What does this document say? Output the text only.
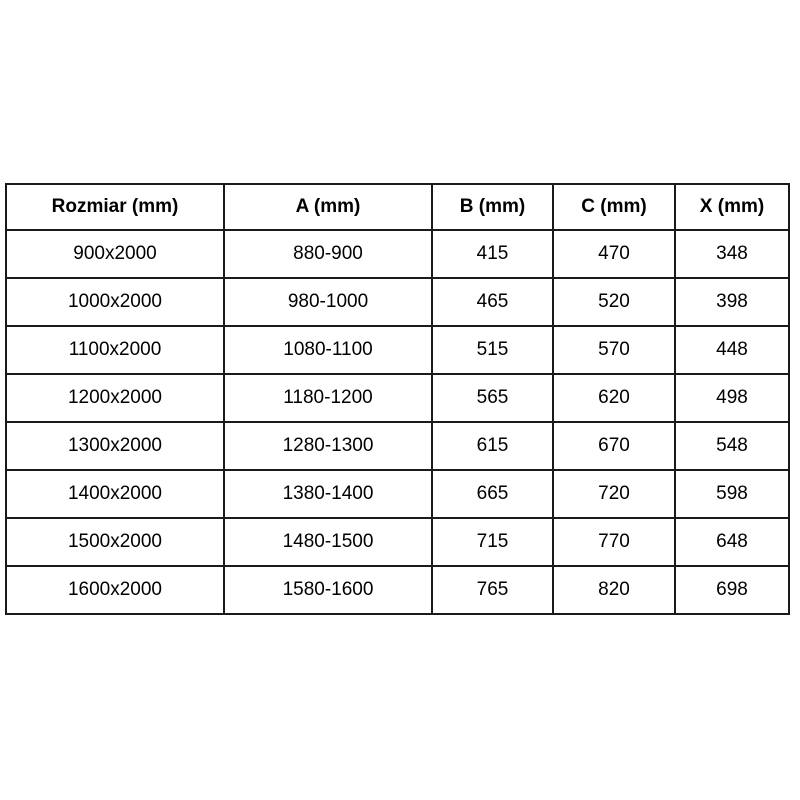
Rozmiar (mm)	A (mm)	B (mm)	C (mm)	X (mm)
900x2000	880-900	415	470	348
1000x2000	980-1000	465	520	398
1100x2000	1080-1100	515	570	448
1200x2000	1180-1200	565	620	498
1300x2000	1280-1300	615	670	548
1400x2000	1380-1400	665	720	598
1500x2000	1480-1500	715	770	648
1600x2000	1580-1600	765	820	698
